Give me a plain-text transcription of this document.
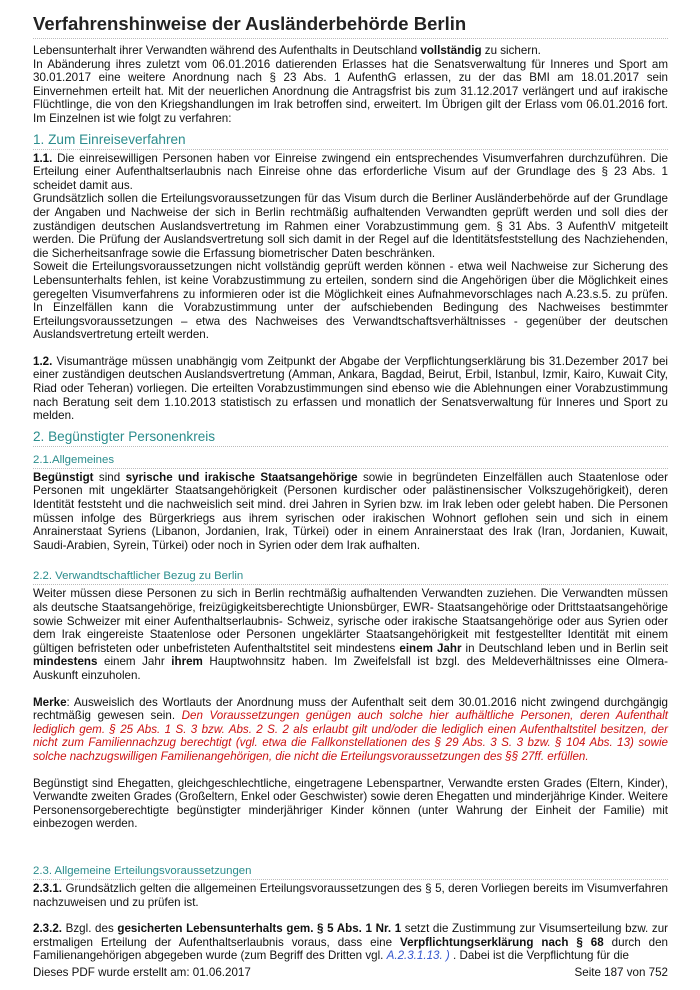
Verfahrenshinweise der Ausländerbehörde Berlin

Lebensunterhalt ihrer Verwandten während des Aufenthalts in Deutschland vollständig zu sichern.

In Abänderung ihres zuletzt vom 06.01.2016 datierenden Erlasses hat die Senatsverwaltung für Inneres und Sport am 30.01.2017 eine weitere Anordnung nach § 23 Abs. 1 AufenthG erlassen, zu der das BMI am 18.01.2017 sein Einvernehmen erteilt hat. Mit der neuerlichen Anordnung die Antragsfrist bis zum 31.12.2017 verlängert und auf irakische Flüchtlinge, die von den Kriegshandlungen im Irak betroffen sind, erweitert. Im Übrigen gilt der Erlass vom 06.01.2016 fort. Im Einzelnen ist wie folgt zu verfahren:

1. Zum Einreiseverfahren

1.1. Die einreisewilligen Personen haben vor Einreise zwingend ein entsprechendes Visumverfahren durchzuführen. Die Erteilung einer Aufenthaltserlaubnis nach Einreise ohne das erforderliche Visum auf der Grundlage des § 23 Abs. 1 scheidet damit aus.

Grundsätzlich sollen die Erteilungsvoraussetzungen für das Visum durch die Berliner Ausländerbehörde auf der Grundlage der Angaben und Nachweise der sich in Berlin rechtmäßig aufhaltenden Verwandten geprüft werden und soll dies der zuständigen deutschen Auslandsvertretung im Rahmen einer Vorabzustimmung gem. § 31 Abs. 3 AufenthV mitgeteilt werden. Die Prüfung der Auslandsvertretung soll sich damit in der Regel auf die Identitätsfeststellung des Nachziehenden, die Sicherheitsanfrage sowie die Erfassung biometrischer Daten beschränken.

Soweit die Erteilungsvoraussetzungen nicht vollständig geprüft werden können - etwa weil Nachweise zur Sicherung des Lebensunterhalts fehlen, ist keine Vorabzustimmung zu erteilen, sondern sind die Angehörigen über die Möglichkeit eines geregelten Visumverfahrens zu informieren oder ist die Möglichkeit eines Aufnahmevorschlages nach A.23.s.5. zu prüfen. In Einzelfällen kann die Vorabzustimmung unter der aufschiebenden Bedingung des Nachweises bestimmter Erteilungsvoraussetzungen – etwa des Nachweises des Verwandtschaftsverhältnisses - gegenüber der deutschen Auslandsvertretung erteilt werden.

1.2. Visumanträge müssen unabhängig vom Zeitpunkt der Abgabe der Verpflichtungserklärung bis 31.Dezember 2017 bei einer zuständigen deutschen Auslandsvertretung (Amman, Ankara, Bagdad, Beirut, Erbil, Istanbul, Izmir, Kairo, Kuwait City, Riad oder Teheran) vorliegen. Die erteilten Vorabzustimmungen sind ebenso wie die Ablehnungen einer Vorabzustimmung nach Beratung seit dem 1.10.2013 statistisch zu erfassen und monatlich der Senatsverwaltung für Inneres und Sport zu melden.

2. Begünstigter Personenkreis
2.1.Allgemeines

Begünstigt sind syrische und irakische Staatsangehörige sowie in begründeten Einzelfällen auch Staatenlose oder Personen mit ungeklärter Staatsangehörigkeit (Personen kurdischer oder palästinensischer Volkszugehörigkeit), deren Identität feststeht und die nachweislich seit mind. drei Jahren in Syrien bzw. im Irak leben oder gelebt haben. Die Personen müssen infolge des Bürgerkriegs aus ihrem syrischen oder irakischen Wohnort geflohen sein und sich in einem Anrainerstaat Syriens (Libanon, Jordanien, Irak, Türkei) oder in einem Anrainerstaat des Irak (Iran, Jordanien, Kuwait, Saudi-Arabien, Syrein, Türkei) oder noch in Syrien oder dem Irak aufhalten.

2.2. Verwandtschaftlicher Bezug zu Berlin

Weiter müssen diese Personen zu sich in Berlin rechtmäßig aufhaltenden Verwandten zuziehen. Die Verwandten müssen als deutsche Staatsangehörige, freizügigkeitsberechtigte Unionsbürger, EWR- Staatsangehörige oder Drittstaatsangehörige sowie Schweizer mit einer Aufenthaltserlaubnis- Schweiz, syrische oder irakische Staatsangehörige oder aus Syrien oder dem Irak eingereiste Staatenlose oder Personen ungeklärter Staatsangehörigkeit mit festgestellter Identität mit einem gültigen befristeten oder unbefristeten Aufenthaltstitel seit mindestens einem Jahr in Deutschland leben und in Berlin seit mindestens einem Jahr ihrem Hauptwohnsitz haben. Im Zweifelsfall ist bzgl. des Meldeverhältnisses eine Olmera-Auskunft einzuholen.

Merke: Ausweislich des Wortlauts der Anordnung muss der Aufenthalt seit dem 30.01.2016 nicht zwingend durchgängig rechtmäßig gewesen sein. Den Voraussetzungen genügen auch solche hier aufhältliche Personen, deren Aufenthalt lediglich gem. § 25 Abs. 1 S. 3 bzw. Abs. 2 S. 2 als erlaubt gilt und/oder die lediglich einen Aufenthaltstitel besitzen, der nicht zum Familiennachzug berechtigt (vgl. etwa die Fallkonstellationen des § 29 Abs. 3 S. 3 bzw. § 104 Abs. 13) sowie solche nachzugswilligen Familienangehörigen, die nicht die Erteilungsvoraussetzungen des §§ 27ff. erfüllen.

Begünstigt sind Ehegatten, gleichgeschlechtliche, eingetragene Lebenspartner, Verwandte ersten Grades (Eltern, Kinder), Verwandte zweiten Grades (Großeltern, Enkel oder Geschwister) sowie deren Ehegatten und minderjährige Kinder. Weitere Personensorgeberechtigte begünstigter minderjähriger Kinder können (unter Wahrung der Einheit der Familie) mit einbezogen werden.

2.3. Allgemeine Erteilungsvoraussetzungen

2.3.1. Grundsätzlich gelten die allgemeinen Erteilungsvoraussetzungen des § 5, deren Vorliegen bereits im Visumverfahren nachzuweisen und zu prüfen ist.

2.3.2. Bzgl. des gesicherten Lebensunterhalts gem. § 5 Abs. 1 Nr. 1 setzt die Zustimmung zur Visumserteilung bzw. zur erstmaligen Erteilung der Aufenthaltserlaubnis voraus, dass eine Verpflichtungserklärung nach § 68 durch den Familienangehörigen abgegeben wurde (zum Begriff des Dritten vgl. A.2.3.1.13. ) . Dabei ist die Verpflichtung für die

Dieses PDF wurde erstellt am: 01.06.2017	Seite 187 von 752
